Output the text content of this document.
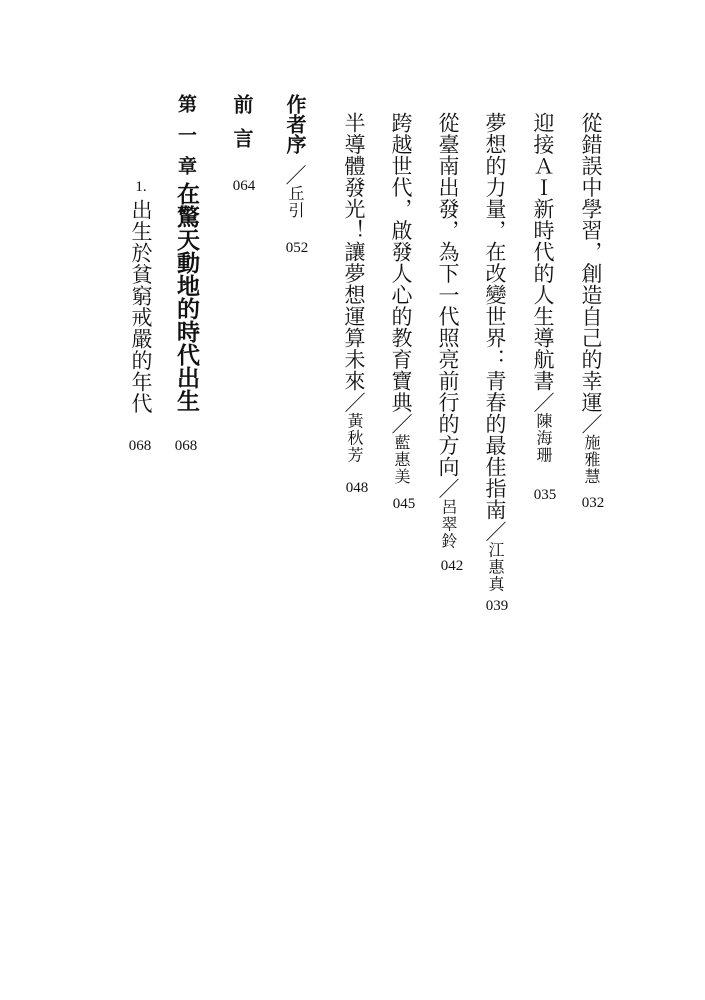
從錯誤中學習，創造自己的幸運／施雅慧
032
迎接ＡＩ新時代的人生導航書／陳海珊
035
夢想的力量，在改變世界：青春的最佳指南／江惠真
039
從臺南出發，為下一代照亮前行的方向／呂翠鈴
042
跨越世代，啟發人心的教育寶典／藍惠美
045
半導體發光！讓夢想運算未來／黃秋芳
048
作者序／丘引
052
前言
064
第一章
在驚天動地的時代出生
068
1.出生於貧窮戒嚴的年代
068
